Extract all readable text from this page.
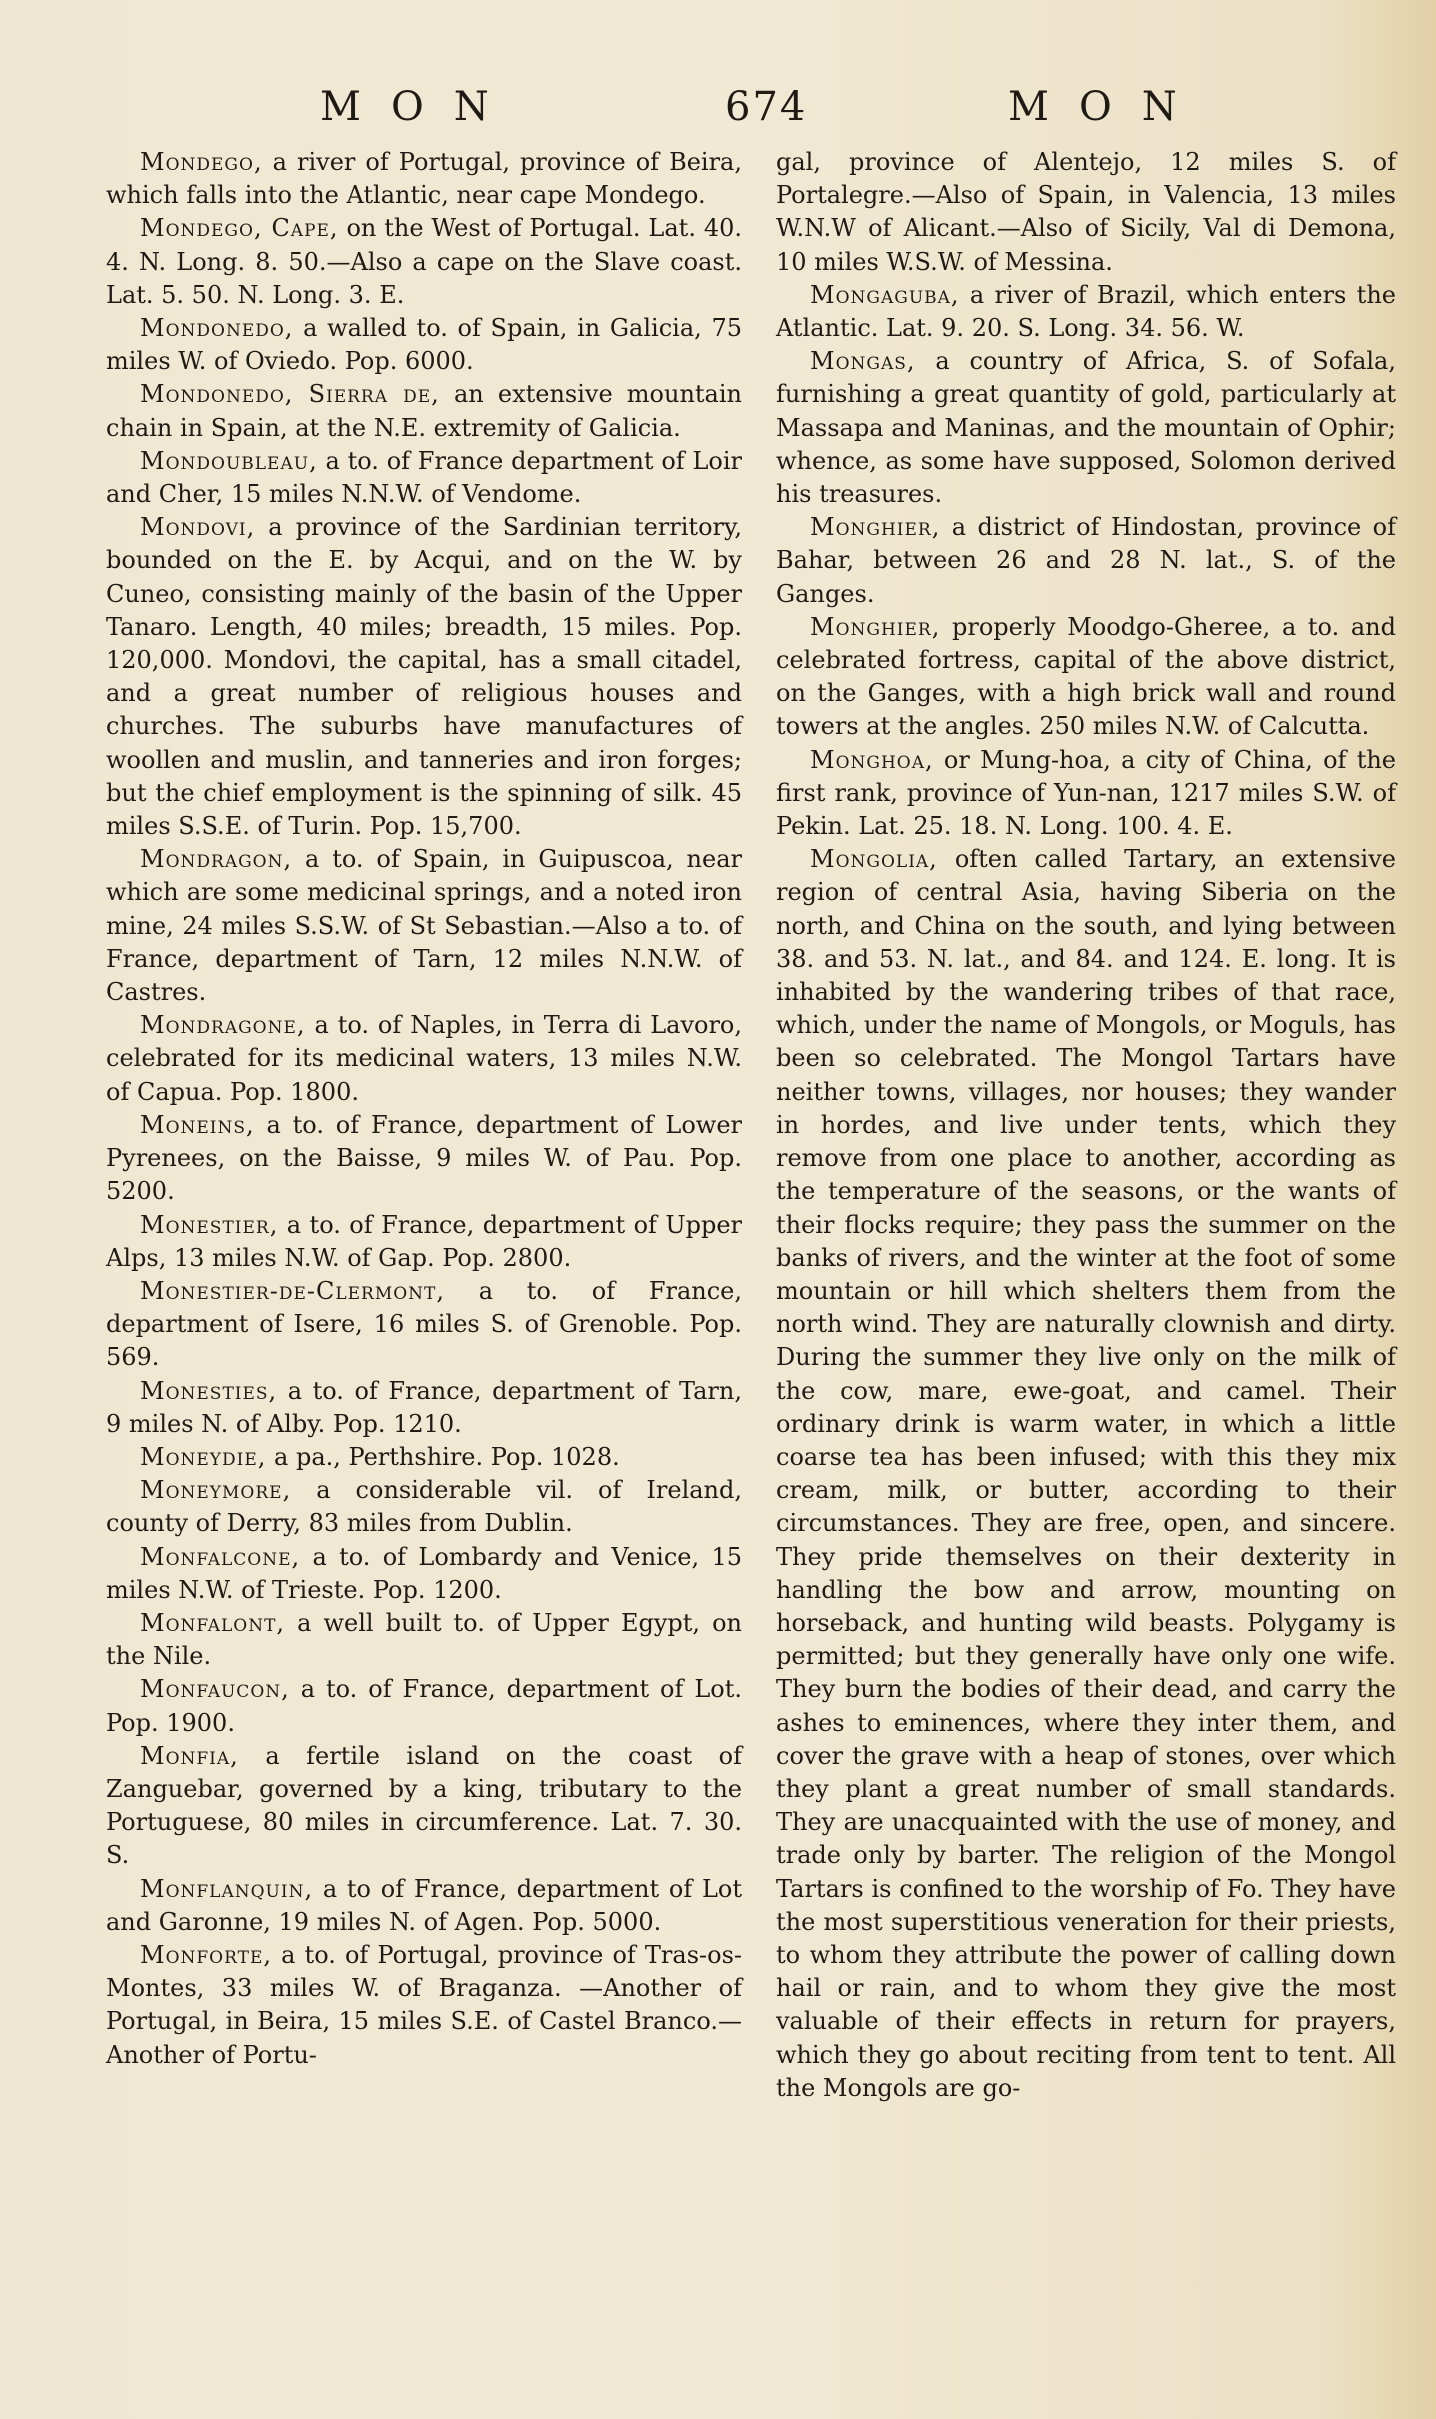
MON	674	MON

Mondego, a river of Portugal, province of Beira, which falls into the Atlantic, near cape Mondego.

Mondego, Cape, on the West of Portugal. Lat. 40. 4. N. Long. 8. 50.—Also a cape on the Slave coast. Lat. 5. 50. N. Long. 3. E.

Mondonedo, a walled to. of Spain, in Galicia, 75 miles W. of Oviedo. Pop. 6000.

Mondonedo, Sierra de, an extensive mountain chain in Spain, at the N.E. extremity of Galicia.

Mondoubleau, a to. of France department of Loir and Cher, 15 miles N.N.W. of Vendome.

Mondovi, a province of the Sardinian territory, bounded on the E. by Acqui, and on the W. by Cuneo, consisting mainly of the basin of the Upper Tanaro. Length, 40 miles; breadth, 15 miles. Pop. 120,000. Mondovi, the capital, has a small citadel, and a great number of religious houses and churches. The suburbs have manufactures of woollen and muslin, and tanneries and iron forges; but the chief employment is the spinning of silk. 45 miles S.S.E. of Turin. Pop. 15,700.

Mondragon, a to. of Spain, in Guipuscoa, near which are some medicinal springs, and a noted iron mine, 24 miles S.S.W. of St Sebastian.—Also a to. of France, department of Tarn, 12 miles N.N.W. of Castres.

Mondragone, a to. of Naples, in Terra di Lavoro, celebrated for its medicinal waters, 13 miles N.W. of Capua. Pop. 1800.

Moneins, a to. of France, department of Lower Pyrenees, on the Baisse, 9 miles W. of Pau. Pop. 5200.

Monestier, a to. of France, department of Upper Alps, 13 miles N.W. of Gap. Pop. 2800.

Monestier-de-Clermont, a to. of France, department of Isere, 16 miles S. of Grenoble. Pop. 569.

Monesties, a to. of France, department of Tarn, 9 miles N. of Alby. Pop. 1210.

Moneydie, a pa., Perthshire. Pop. 1028.

Moneymore, a considerable vil. of Ireland, county of Derry, 83 miles from Dublin.

Monfalcone, a to. of Lombardy and Venice, 15 miles N.W. of Trieste. Pop. 1200.

Monfalont, a well built to. of Upper Egypt, on the Nile.

Monfaucon, a to. of France, department of Lot. Pop. 1900.

Monfia, a fertile island on the coast of Zanguebar, governed by a king, tributary to the Portuguese, 80 miles in circumference. Lat. 7. 30. S.

Monflanquin, a to of France, department of Lot and Garonne, 19 miles N. of Agen. Pop. 5000.

Monforte, a to. of Portugal, province of Tras-os-Montes, 33 miles W. of Braganza. —Another of Portugal, in Beira, 15 miles S.E. of Castel Branco.—Another of Portu-

gal, province of Alentejo, 12 miles S. of Portalegre.—Also of Spain, in Valencia, 13 miles W.N.W of Alicant.—Also of Sicily, Val di Demona, 10 miles W.S.W. of Messina.

Mongaguba, a river of Brazil, which enters the Atlantic. Lat. 9. 20. S. Long. 34. 56. W.

Mongas, a country of Africa, S. of Sofala, furnishing a great quantity of gold, particularly at Massapa and Maninas, and the mountain of Ophir; whence, as some have supposed, Solomon derived his treasures.

Monghier, a district of Hindostan, province of Bahar, between 26 and 28 N. lat., S. of the Ganges.

Monghier, properly Moodgo-Gheree, a to. and celebrated fortress, capital of the above district, on the Ganges, with a high brick wall and round towers at the angles. 250 miles N.W. of Calcutta.

Monghoa, or Mung-hoa, a city of China, of the first rank, province of Yun-nan, 1217 miles S.W. of Pekin. Lat. 25. 18. N. Long. 100. 4. E.

Mongolia, often called Tartary, an extensive region of central Asia, having Siberia on the north, and China on the south, and lying between 38. and 53. N. lat., and 84. and 124. E. long. It is inhabited by the wandering tribes of that race, which, under the name of Mongols, or Moguls, has been so celebrated. The Mongol Tartars have neither towns, villages, nor houses; they wander in hordes, and live under tents, which they remove from one place to another, according as the temperature of the seasons, or the wants of their flocks require; they pass the summer on the banks of rivers, and the winter at the foot of some mountain or hill which shelters them from the north wind. They are naturally clownish and dirty. During the summer they live only on the milk of the cow, mare, ewe-goat, and camel. Their ordinary drink is warm water, in which a little coarse tea has been infused; with this they mix cream, milk, or butter, according to their circumstances. They are free, open, and sincere. They pride themselves on their dexterity in handling the bow and arrow, mounting on horseback, and hunting wild beasts. Polygamy is permitted; but they generally have only one wife. They burn the bodies of their dead, and carry the ashes to eminences, where they inter them, and cover the grave with a heap of stones, over which they plant a great number of small standards. They are unacquainted with the use of money, and trade only by barter. The religion of the Mongol Tartars is confined to the worship of Fo. They have the most superstitious veneration for their priests, to whom they attribute the power of calling down hail or rain, and to whom they give the most valuable of their effects in return for prayers, which they go about reciting from tent to tent. All the Mongols are go-
